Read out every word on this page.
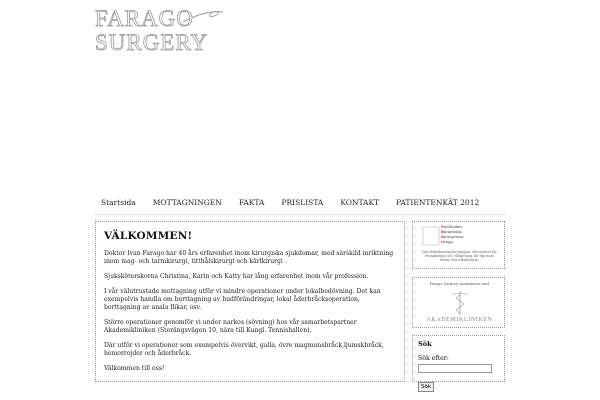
FARAGO
SURGERY
Startsida MOTTAGNINGEN FAKTA PRISLISTA KONTAKT PATIENTENKÄT 2012
VÄLKOMMEN!

Doktor Ivan Farago har 40 års erfarenhet inom kirurgiska sjukdomar, med särskild inriktning inom mag- och tarmkirurgi, titthålskirurgi och kärlkirurgi .

Sjuksköterskorna Christina, Karin och Katty har lång erfarenhet inom vår profession.

I vår välutrustade mottagning utför vi mindre operationer under lokalbedövning. Det kan exempelvis handla om borttagning av hudförändringar, lokal åderbråcksoperation, borttagning av anala flikar, osv.

Större operationer genomför vi under narkos (sövning) hos vår samarbetspartner Akademikliniken (Storängsvägen 10, nära till Kungl. Tennishallen).

Där utför vi operationer som exempelvis övervikt, galla, övre magmunsbråck,ljumskbråck, hemorrojder och åderbråck.

Välkommen till oss!

Stockholms
Bariatriska
Kirurgernas
Grupp
Den fetmakirurgiska gruppen, alternativet för fetmakirurgi och -rådgivning, för dig inom fetma (överviktsk)rurgi.
Farago Surgery samarbetar med
AKADEMIKLINIKEN
Sök
Sök efter:
Sök
